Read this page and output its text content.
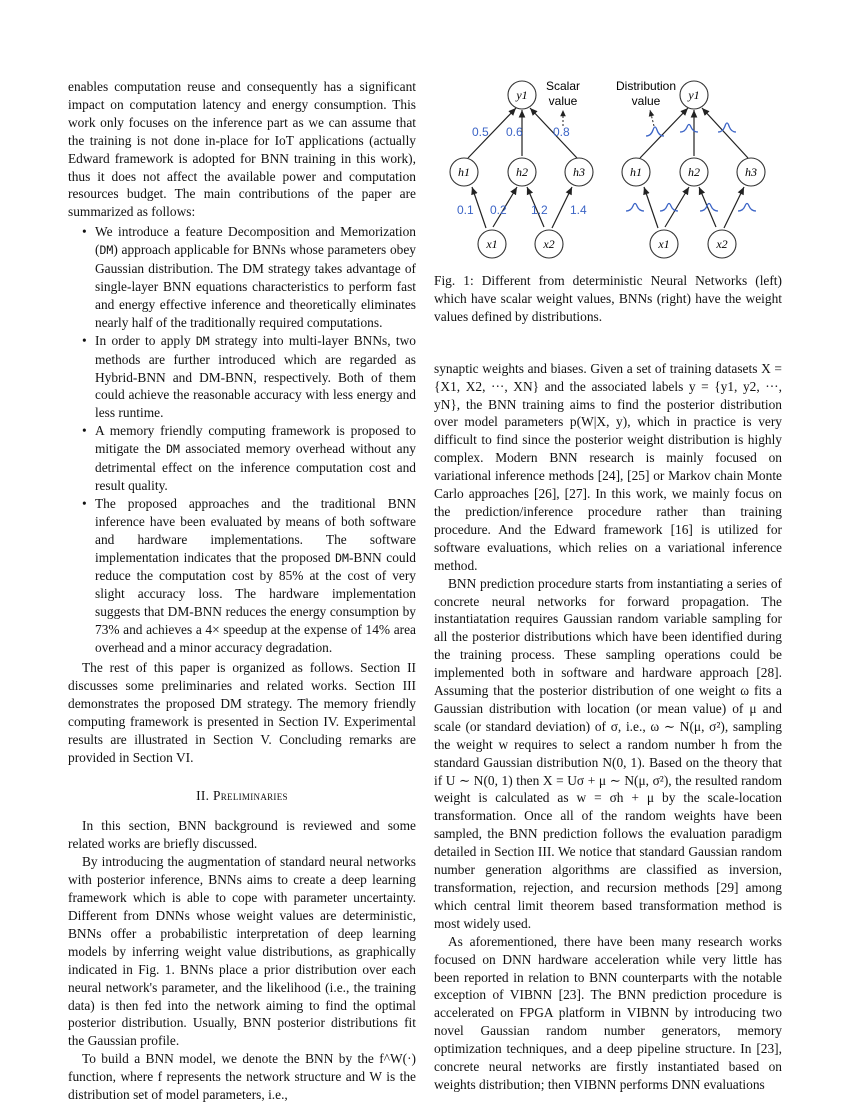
enables computation reuse and consequently has a significant impact on computation latency and energy consumption. This work only focuses on the inference part as we can assume that the training is not done in-place for IoT applications (actually Edward framework is adopted for BNN training in this work), thus it does not affect the available power and computation resources budget. The main contributions of the paper are summarized as follows:

• We introduce a feature Decomposition and Memorization (DM) approach applicable for BNNs whose parameters obey Gaussian distribution. The DM strategy takes advantage of single-layer BNN equations characteristics to perform fast and energy effective inference and theoretically eliminates nearly half of the traditionally required computations.
• In order to apply DM strategy into multi-layer BNNs, two methods are further introduced which are regarded as Hybrid-BNN and DM-BNN, respectively. Both of them could achieve the reasonable accuracy with less energy and less runtime.
• A memory friendly computing framework is proposed to mitigate the DM associated memory overhead without any detrimental effect on the inference computation cost and result quality.
• The proposed approaches and the traditional BNN inference have been evaluated by means of both software and hardware implementations. The software implementation indicates that the proposed DM-BNN could reduce the computation cost by 85% at the cost of very slight accuracy loss. The hardware implementation suggests that DM-BNN reduces the energy consumption by 73% and achieves a 4× speedup at the expense of 14% area overhead and a minor accuracy degradation.

The rest of this paper is organized as follows. Section II discusses some preliminaries and related works. Section III demonstrates the proposed DM strategy. The memory friendly computing framework is presented in Section IV. Experimental results are illustrated in Section V. Concluding remarks are provided in Section VI.

II. Preliminaries

In this section, BNN background is reviewed and some related works are briefly discussed.

By introducing the augmentation of standard neural networks with posterior inference, BNNs aims to create a deep learning framework which is able to cope with parameter uncertainty. Different from DNNs whose weight values are deterministic, BNNs offer a probabilistic interpretation of deep learning models by inferring weight value distributions, as graphically indicated in Fig. 1. BNNs place a prior distribution over each neural network's parameter, and the likelihood (i.e., the training data) is then fed into the network aiming to find the optimal posterior distribution. Usually, BNN posterior distributions fit the Gaussian profile.

To build a BNN model, we denote the BNN by the f^W(·) function, where f represents the network structure and W is the distribution set of model parameters, i.e.,

y1
h1	h2	h3
x1	x2
0.5 0.6	0.8
0.1 0.2 1.2 1.4
Scalar
value	y1
h1	h2	h3
x1	x2
Distribution
value

Fig. 1: Different from deterministic Neural Networks (left) which have scalar weight values, BNNs (right) have the weight values defined by distributions.

synaptic weights and biases. Given a set of training datasets X = {X1, X2, ···, XN} and the associated labels y = {y1, y2, ···, yN}, the BNN training aims to find the posterior distribution over model parameters p(W|X, y), which in practice is very difficult to find since the posterior weight distribution is highly complex. Modern BNN research is mainly focused on variational inference methods [24], [25] or Markov chain Monte Carlo approaches [26], [27]. In this work, we mainly focus on the prediction/inference procedure rather than training procedure. And the Edward framework [16] is utilized for software evaluations, which relies on a variational inference method.

BNN prediction procedure starts from instantiating a series of concrete neural networks for forward propagation. The instantiatation requires Gaussian random variable sampling for all the posterior distributions which have been identified during the training process. These sampling operations could be implemented both in software and hardware approach [28]. Assuming that the posterior distribution of one weight ω fits a Gaussian distribution with location (or mean value) of μ and scale (or standard deviation) of σ, i.e., ω ∼ N(μ, σ²), sampling the weight w requires to select a random number h from the standard Gaussian distribution N(0, 1). Based on the theory that if U ∼ N(0, 1) then X = Uσ + μ ∼ N(μ, σ²), the resulted random weight is calculated as w = σh + μ by the scale-location transformation. Once all of the random weights have been sampled, the BNN prediction follows the evaluation paradigm detailed in Section III. We notice that standard Gaussian random number generation algorithms are classified as inversion, transformation, rejection, and recursion methods [29] among which central limit theorem based transformation method is most widely used.

As aforementioned, there have been many research works focused on DNN hardware acceleration while very little has been reported in relation to BNN counterparts with the notable exception of VIBNN [23]. The BNN prediction procedure is accelerated on FPGA platform in VIBNN by introducing two novel Gaussian random number generators, memory optimization techniques, and a deep pipeline structure. In [23], concrete neural networks are firstly instantiated based on weights distribution; then VIBNN performs DNN evaluations
